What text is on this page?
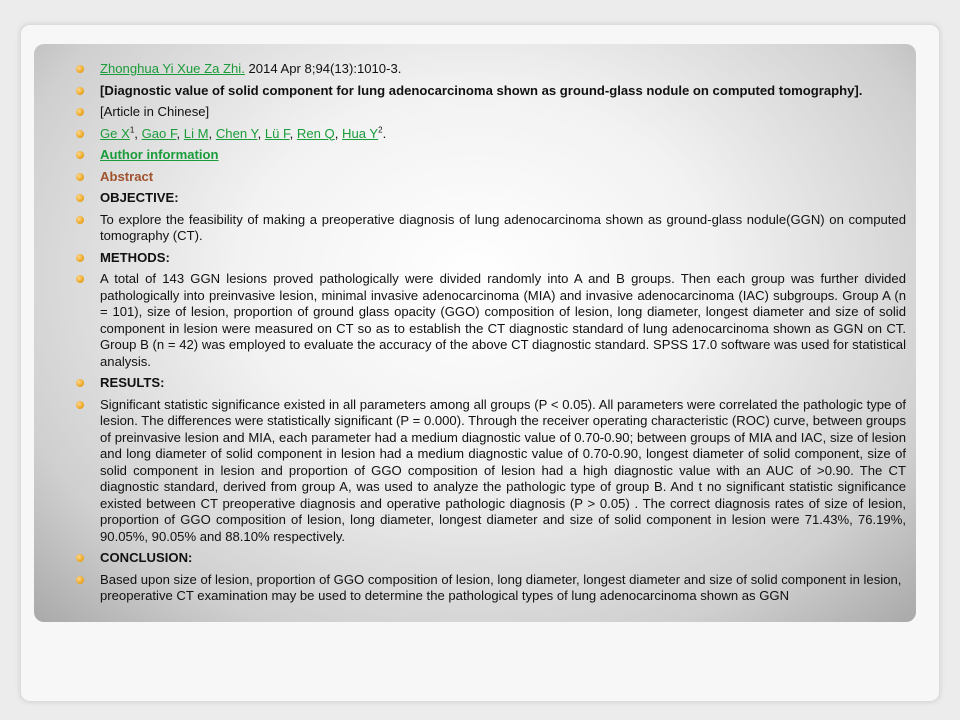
Zhonghua Yi Xue Za Zhi. 2014 Apr 8;94(13):1010-3.
[Diagnostic value of solid component for lung adenocarcinoma shown as ground-glass nodule on computed tomography].
[Article in Chinese]
Ge $X^1$, Gao F, Li M, Chen Y, Lü F, Ren Q, Hua $Y^2$.
Author information
Abstract
OBJECTIVE:
To explore the feasibility of making a preoperative diagnosis of lung adenocarcinoma shown as ground-glass nodule(GGN) on computed tomography (CT).
METHODS:
A total of 143 GGN lesions proved pathologically were divided randomly into A and B groups. Then each group was further divided pathologically into preinvasive lesion, minimal invasive adenocarcinoma (MIA) and invasive adenocarcinoma (IAC) subgroups. Group A (n = 101), size of lesion, proportion of ground glass opacity (GGO) composition of lesion, long diameter, longest diameter and size of solid component in lesion were measured on CT so as to establish the CT diagnostic standard of lung adenocarcinoma shown as GGN on CT. Group B (n = 42) was employed to evaluate the accuracy of the above CT diagnostic standard. SPSS 17.0 software was used for statistical analysis.
RESULTS:
Significant statistic significance existed in all parameters among all groups (P < 0.05). All parameters were correlated the pathologic type of lesion. The differences were statistically significant (P = 0.000). Through the receiver operating characteristic (ROC) curve, between groups of preinvasive lesion and MIA, each parameter had a medium diagnostic value of 0.70-0.90; between groups of MIA and IAC, size of lesion and long diameter of solid component in lesion had a medium diagnostic value of 0.70-0.90, longest diameter of solid component, size of solid component in lesion and proportion of GGO composition of lesion had a high diagnostic value with an AUC of >0.90. The CT diagnostic standard, derived from group A, was used to analyze the pathologic type of group B. And t no significant statistic significance existed between CT preoperative diagnosis and operative pathologic diagnosis (P > 0.05) . The correct diagnosis rates of size of lesion, proportion of GGO composition of lesion, long diameter, longest diameter and size of solid component in lesion were 71.43%, 76.19%, 90.05%, 90.05% and 88.10% respectively.
CONCLUSION:
Based upon size of lesion, proportion of GGO composition of lesion, long diameter, longest diameter and size of solid component in lesion, preoperative CT examination may be used to determine the pathological types of lung adenocarcinoma shown as GGN
